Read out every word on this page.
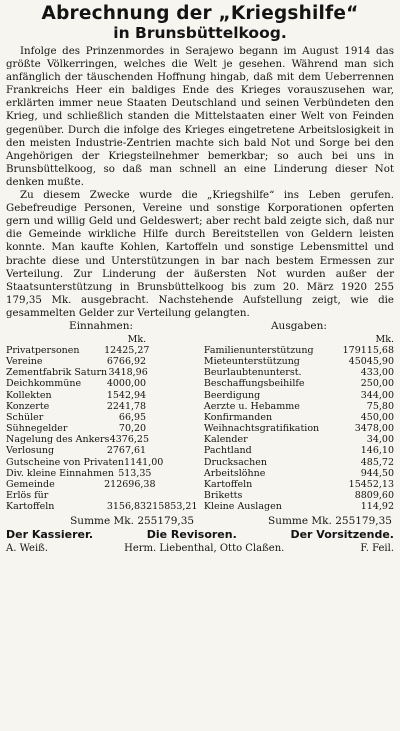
Abrechnung der „Kriegshilfe“
in Brunsbüttelkoog.

Infolge des Prinzenmordes in Serajewo begann im August 1914 das größte Völkerringen, welches die Welt je gesehen. Während man sich anfänglich der täuschenden Hoffnung hingab, daß mit dem Ueberrennen Frankreichs Heer ein baldiges Ende des Krieges vorauszusehen war, erklärten immer neue Staaten Deutschland und seinen Verbündeten den Krieg, und schließlich standen die Mittelstaaten einer Welt von Feinden gegenüber. Durch die infolge des Krieges eingetretene Arbeitslosigkeit in den meisten Industrie-Zentrien machte sich bald Not und Sorge bei den Angehörigen der Kriegsteilnehmer bemerkbar; so auch bei uns in Brunsbüttelkoog, so daß man schnell an eine Linderung dieser Not denken mußte.

Zu diesem Zwecke wurde die „Kriegshilfe“ ins Leben gerufen. Gebefreudige Personen, Vereine und sonstige Korporationen opferten gern und willig Geld und Geldeswert; aber recht bald zeigte sich, daß nur die Gemeinde wirkliche Hilfe durch Bereitstellen von Geldern leisten konnte. Man kaufte Kohlen, Kartoffeln und sonstige Lebensmittel und brachte diese und Unterstützungen in bar nach bestem Ermessen zur Verteilung. Zur Linderung der äußersten Not wurden außer der Staatsunterstützung in Brunsbüttelkoog bis zum 20. März 1920 255 179,35 Mk. ausgebracht. Nachstehende Aufstellung zeigt, wie die gesammelten Gelder zur Verteilung gelangten.

Einnahmen:	Ausgaben:
Mk.
Privatpersonen	12425,27
Vereine	6766,92
Zementfabrik Saturn 3418,96
Deichkommüne	4000,00
Kollekten	1542,94
Konzerte	2241,78
Schüler	66,95
Sühnegelder	70,20
Nagelung des Ankers 4376,25
Verlosung	2767,61
Gutscheine von Privaten 1141,00
Div. kleine Einnahmen 513,35
Gemeinde	212696,38
Erlös für
Kartoffeln	3156,83 215853,21
Mk.
Familienunterstützung	179115,68
Mieteunterstützung	45045,90
Beurlaubtenunterst.	433,00
Beschaffungsbeihilfe	250,00
Beerdigung	344,00
Aerzte u. Hebamme	75,80
Konfirmanden	450,00
Weihnachtsgratifikation	3478,00
Kalender	34,00
Pachtland	146,10
Drucksachen	485,72
Arbeitslöhne	944,50
Kartoffeln	15452,13
Briketts	8809,60
Kleine Auslagen	114,92
Summe Mk. 255179,35	Summe Mk. 255179,35
Der Kassierer.	Die Revisoren.	Der Vorsitzende.
A. Weiß.	Herm. Liebenthal, Otto Claßen.	F. Feil.
